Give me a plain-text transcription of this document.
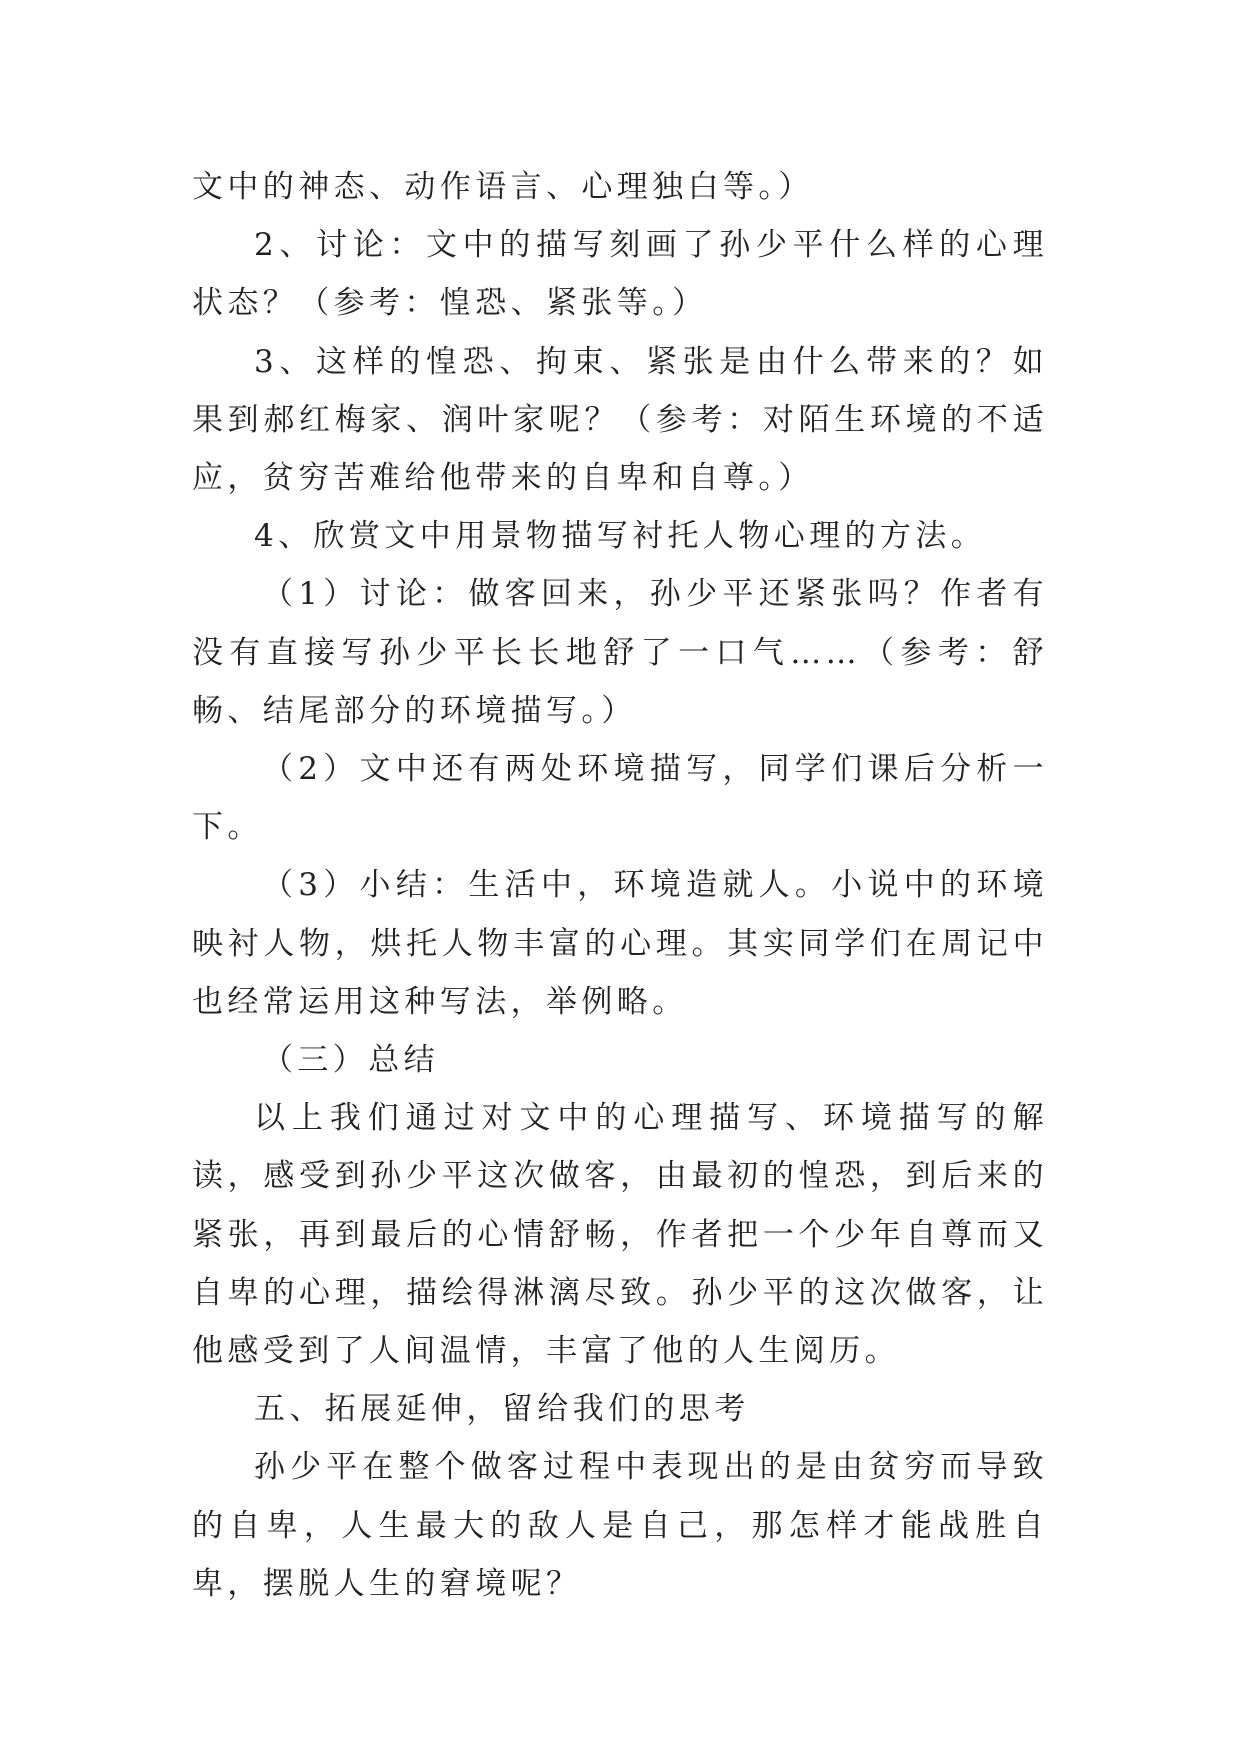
文中的神态、动作语言、心理独白等。）

2、讨论：文中的描写刻画了孙少平什么样的心理状态？（参考：惶恐、紧张等。）

3、这样的惶恐、拘束、紧张是由什么带来的？如果到郝红梅家、润叶家呢？（参考：对陌生环境的不适应，贫穷苦难给他带来的自卑和自尊。）

4、欣赏文中用景物描写衬托人物心理的方法。

（1）讨论：做客回来，孙少平还紧张吗？作者有没有直接写孙少平长长地舒了一口气……（参考：舒畅、结尾部分的环境描写。）

（2）文中还有两处环境描写，同学们课后分析一下。

（3）小结：生活中，环境造就人。小说中的环境映衬人物，烘托人物丰富的心理。其实同学们在周记中也经常运用这种写法，举例略。

（三）总结

以上我们通过对文中的心理描写、环境描写的解读，感受到孙少平这次做客，由最初的惶恐，到后来的紧张，再到最后的心情舒畅，作者把一个少年自尊而又自卑的心理，描绘得淋漓尽致。孙少平的这次做客，让他感受到了人间温情，丰富了他的人生阅历。

五、拓展延伸，留给我们的思考

孙少平在整个做客过程中表现出的是由贫穷而导致的自卑，人生最大的敌人是自己，那怎样才能战胜自卑，摆脱人生的窘境呢？
